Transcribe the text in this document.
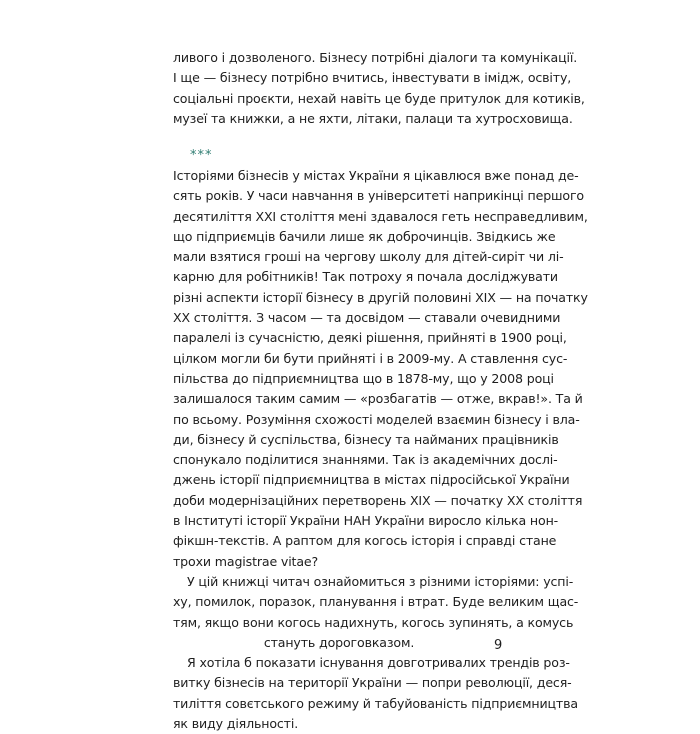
ливого і дозволеного. Бізнесу потрібні діалоги та комунікації.
І ще — бізнесу потрібно вчитись, інвестувати в імідж, освіту,
соціальні проєкти, нехай навіть це буде притулок для котиків,
музеї та книжки, а не яхти, літаки, палаци та хутросховища.
***
Історіями бізнесів у містах України я цікавлюся вже понад де-
сять років. У часи навчання в університеті наприкінці першого
десятиліття XXI століття мені здавалося геть несправедливим,
що підприємців бачили лише як доброчинців. Звідкись же
мали взятися гроші на чергову школу для дітей-сиріт чи лі-
карню для робітників! Так потроху я почала досліджувати
різні аспекти історії бізнесу в другій половині XIX — на початку
XX століття. З часом — та досвідом — ставали очевидними
паралелі із сучасністю, деякі рішення, прийняті в 1900 році,
цілком могли би бути прийняті і в 2009-му. А ставлення сус-
пільства до підприємництва що в 1878-му, що у 2008 році
залишалося таким самим — «розбагатів — отже, вкрав!». Та й
по всьому. Розуміння схожості моделей взаємин бізнесу і вла-
ди, бізнесу й суспільства, бізнесу та найманих працівників
спонукало поділитися знаннями. Так із академічних дослі-
джень історії підприємництва в містах підросійської України
доби модернізаційних перетворень XIX — початку XX століття
в Інституті історії України НАН України виросло кілька нон-
фікшн-текстів. А раптом для когось історія і справді стане
трохи magistrae vitae?
У цій книжці читач ознайомиться з різними історіями: успі-
ху, помилок, поразок, планування і втрат. Буде великим щас-
тям, якщо вони когось надихнуть, когось зупинять, а комусь
стануть дороговказом.
Я хотіла б показати існування довготривалих трендів роз-
витку бізнесів на території України — попри революції, деся-
тиліття совєтського режиму й табуйованість підприємництва
як виду діяльності.
9
